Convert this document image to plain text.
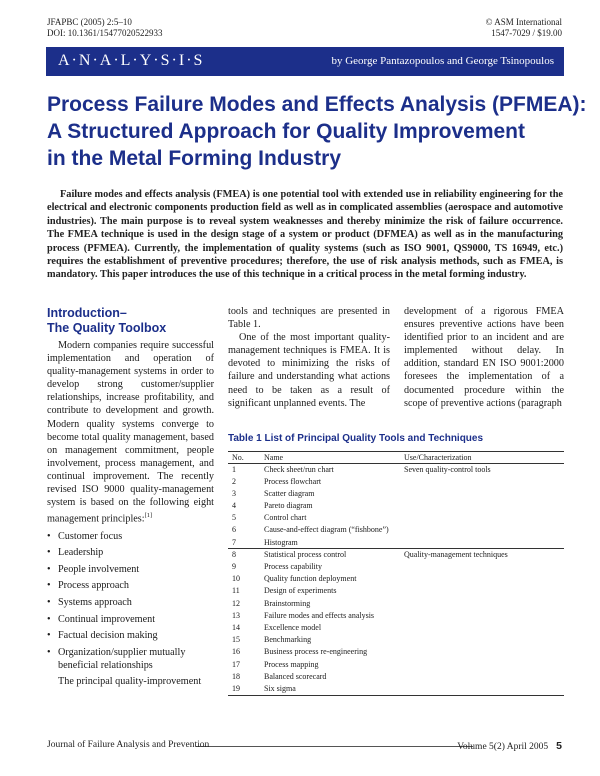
JFAPBC (2005) 2:5–10
DOI: 10.1361/15477020522933
© ASM International
1547-7029 / $19.00
A·N·A·L·Y·S·I·S	by George Pantazopoulos and George Tsinopoulos
Process Failure Modes and Effects Analysis (PFMEA):
A Structured Approach for Quality Improvement
in the Metal Forming Industry

Failure modes and effects analysis (FMEA) is one potential tool with extended use in reliability engineering for the electrical and electronic components production field as well as in complicated assemblies (aerospace and automotive industries). The main purpose is to reveal system weaknesses and thereby minimize the risk of failure occurrence. The FMEA technique is used in the design stage of a system or product (DFMEA) as well as in the manufacturing process (PFMEA). Currently, the implementation of quality systems (such as ISO 9001, QS9000, TS 16949, etc.) requires the establishment of preventive procedures; therefore, the use of risk analysis methods, such as FMEA, is mandatory. This paper introduces the use of this technique in a critical process in the metal forming industry.

Introduction–
The Quality Toolbox

Modern companies require successful implementation and operation of quality-management systems in order to develop strong customer/supplier relationships, increase profitability, and contribute to development and growth. Modern quality systems converge to become total quality management, based on management commitment, people involvement, process management, and continual improvement. The recently revised ISO 9000 quality-management system is based on the following eight management principles:[1]

• Customer focus
• Leadership
• People involvement
• Process approach
• Systems approach
• Continual improvement
• Factual decision making
• Organization/supplier mutually beneficial relationships

The principal quality-improvement

tools and techniques are presented in Table 1.

One of the most important quality-management techniques is FMEA. It is devoted to minimizing the risks of failure and understanding what actions need to be taken as a result of significant unplanned events. The

development of a rigorous FMEA ensures preventive actions have been identified prior to an incident and are implemented without delay. In addition, standard EN ISO 9001:2000 foresees the implementation of a documented procedure within the scope of preventive actions (paragraph

Table 1 List of Principal Quality Tools and Techniques
No.	Name	Use/Characterization
1	Check sheet/run chart	Seven quality-control tools
2	Process flowchart	
3	Scatter diagram	
4	Pareto diagram	
5	Control chart	
6	Cause-and-effect diagram (“fishbone”)	
7	Histogram	
8	Statistical process control	Quality-management techniques
9	Process capability	
10	Quality function deployment	
11	Design of experiments	
12	Brainstorming	
13	Failure modes and effects analysis	
14	Excellence model	
15	Benchmarking	
16	Business process re-engineering	
17	Process mapping	
18	Balanced scorecard	
19	Six sigma	
Journal of Failure Analysis and Prevention	Volume 5(2) April 2005 5
